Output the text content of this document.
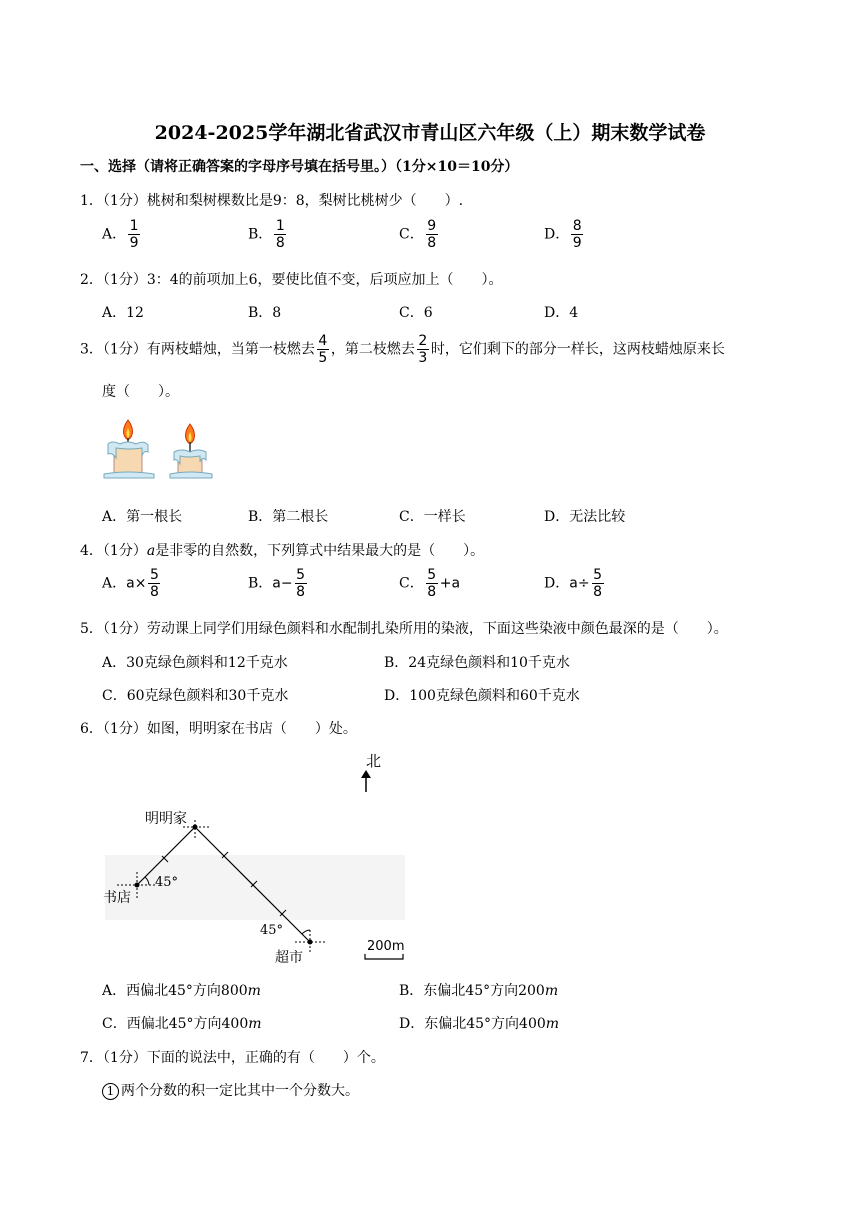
2024-2025学年湖北省武汉市青山区六年级（上）期末数学试卷
一、选择（请将正确答案的字母序号填在括号里。）（1分×10＝10分）
1．（1分）桃树和梨树棵数比是9：8，梨树比桃树少（　　）.
A． $\frac{1}{9}$	B． $\frac{1}{8}$	C． $\frac{9}{8}$	D． $\frac{8}{9}$
2．（1分）3：4的前项加上6，要使比值不变，后项应加上（　　）。
A．12	B．8	C．6	D．4
3．（1分）有两枝蜡烛，当第一枝燃去 $\frac{4}{5}$ ，第二枝燃去 $\frac{2}{3}$ 时，它们剩下的部分一样长，这两枝蜡烛原来长
度（　　）。
A．第一根长	B．第二根长	C．一样长	D．无法比较
4．（1分）a是非零的自然数，下列算式中结果最大的是（　　）。
A．$a\times \frac{5}{8}$	B．$a- \frac{5}{8}$	C． $\frac{5}{8} +a$	D．$a\div \frac{5}{8}$
5．（1分）劳动课上同学们用绿色颜料和水配制扎染所用的染液，下面这些染液中颜色最深的是（　　）。
A．30克绿色颜料和12千克水	B．24克绿色颜料和10千克水
C．60克绿色颜料和30千克水	D．100克绿色颜料和60千克水
6．（1分）如图，明明家在书店（　　）处。
北
明明家
书店
超市
45°
45°
200m
A．西偏北45°方向800m	B．东偏北45°方向200m
C．西偏北45°方向400m	D．东偏北45°方向400m
7．（1分）下面的说法中，正确的有（　　）个。
1 两个分数的积一定比其中一个分数大。
